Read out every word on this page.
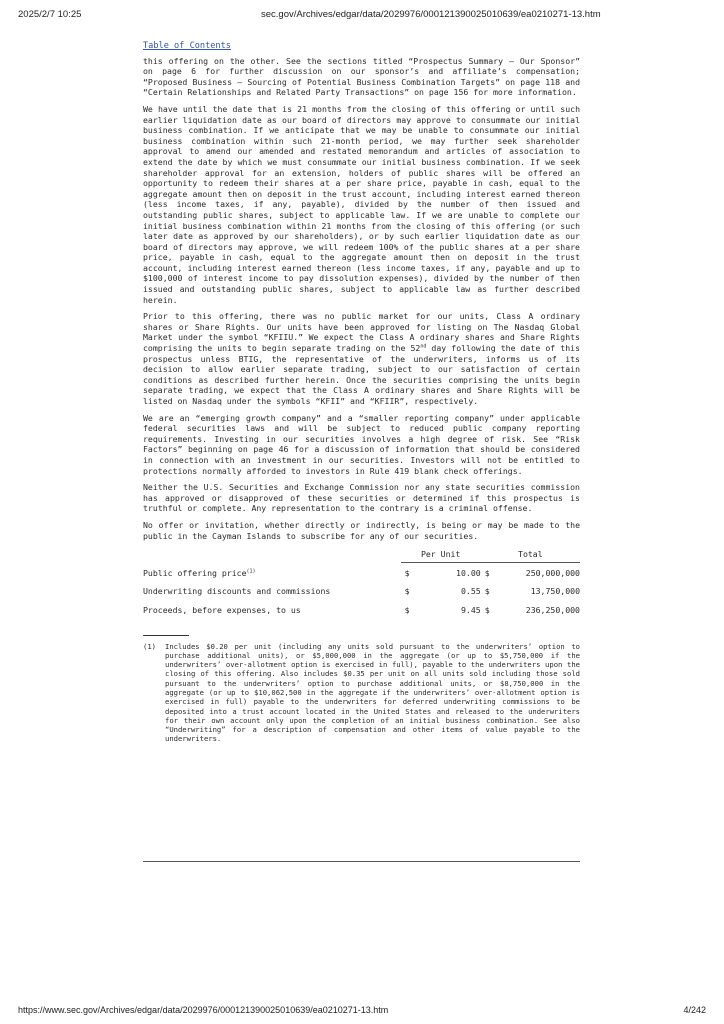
2025/2/7 10:25	sec.gov/Archives/edgar/data/2029976/000121390025010639/ea0210271-13.htm
Table of Contents

this offering on the other. See the sections titled “Prospectus Summary — Our Sponsor” on page 6 for further discussion on our sponsor’s and affiliate’s compensation; “Proposed Business — Sourcing of Potential Business Combination Targets” on page 118 and “Certain Relationships and Related Party Transactions” on page 156 for more information.

We have until the date that is 21 months from the closing of this offering or until such earlier liquidation date as our board of directors may approve to consummate our initial business combination. If we anticipate that we may be unable to consummate our initial business combination within such 21-month period, we may further seek shareholder approval to amend our amended and restated memorandum and articles of association to extend the date by which we must consummate our initial business combination. If we seek shareholder approval for an extension, holders of public shares will be offered an opportunity to redeem their shares at a per share price, payable in cash, equal to the aggregate amount then on deposit in the trust account, including interest earned thereon (less income taxes, if any, payable), divided by the number of then issued and outstanding public shares, subject to applicable law. If we are unable to complete our initial business combination within 21 months from the closing of this offering (or such later date as approved by our shareholders), or by such earlier liquidation date as our board of directors may approve, we will redeem 100% of the public shares at a per share price, payable in cash, equal to the aggregate amount then on deposit in the trust account, including interest earned thereon (less income taxes, if any, payable and up to $100,000 of interest income to pay dissolution expenses), divided by the number of then issued and outstanding public shares, subject to applicable law as further described herein.

Prior to this offering, there was no public market for our units, Class A ordinary shares or Share Rights. Our units have been approved for listing on The Nasdaq Global Market under the symbol “KFIIU.” We expect the Class A ordinary shares and Share Rights comprising the units to begin separate trading on the 52nd day following the date of this prospectus unless BTIG, the representative of the underwriters, informs us of its decision to allow earlier separate trading, subject to our satisfaction of certain conditions as described further herein. Once the securities comprising the units begin separate trading, we expect that the Class A ordinary shares and Share Rights will be listed on Nasdaq under the symbols “KFII” and “KFIIR”, respectively.

We are an “emerging growth company” and a “smaller reporting company” under applicable federal securities laws and will be subject to reduced public company reporting requirements. Investing in our securities involves a high degree of risk. See “Risk Factors” beginning on page 46 for a discussion of information that should be considered in connection with an investment in our securities. Investors will not be entitled to protections normally afforded to investors in Rule 419 blank check offerings.

Neither the U.S. Securities and Exchange Commission nor any state securities commission has approved or disapproved of these securities or determined if this prospectus is truthful or complete. Any representation to the contrary is a criminal offense.

No offer or invitation, whether directly or indirectly, is being or may be made to the public in the Cayman Islands to subscribe for any of our securities.

	Per Unit		Total	
Public offering price$^{(1)}$	$	10.00	$	250,000,000
Underwriting discounts and commissions	$	0.55	$	13,750,000
Proceeds, before expenses, to us	$	9.45	$	236,250,000
(1)	Includes $0.20 per unit (including any units sold pursuant to the underwriters’ option to purchase additional units), or $5,000,000 in the aggregate (or up to $5,750,000 if the underwriters’ over-allotment option is exercised in full), payable to the underwriters upon the closing of this offering. Also includes $0.35 per unit on all units sold including those sold pursuant to the underwriters’ option to purchase additional units, or $8,750,000 in the aggregate (or up to $10,062,500 in the aggregate if the underwriters’ over-allotment option is exercised in full) payable to the underwriters for deferred underwriting commissions to be deposited into a trust account located in the United States and released to the underwriters for their own account only upon the completion of an initial business combination. See also “Underwriting” for a description of compensation and other items of value payable to the underwriters.
https://www.sec.gov/Archives/edgar/data/2029976/000121390025010639/ea0210271-13.htm	4/242
